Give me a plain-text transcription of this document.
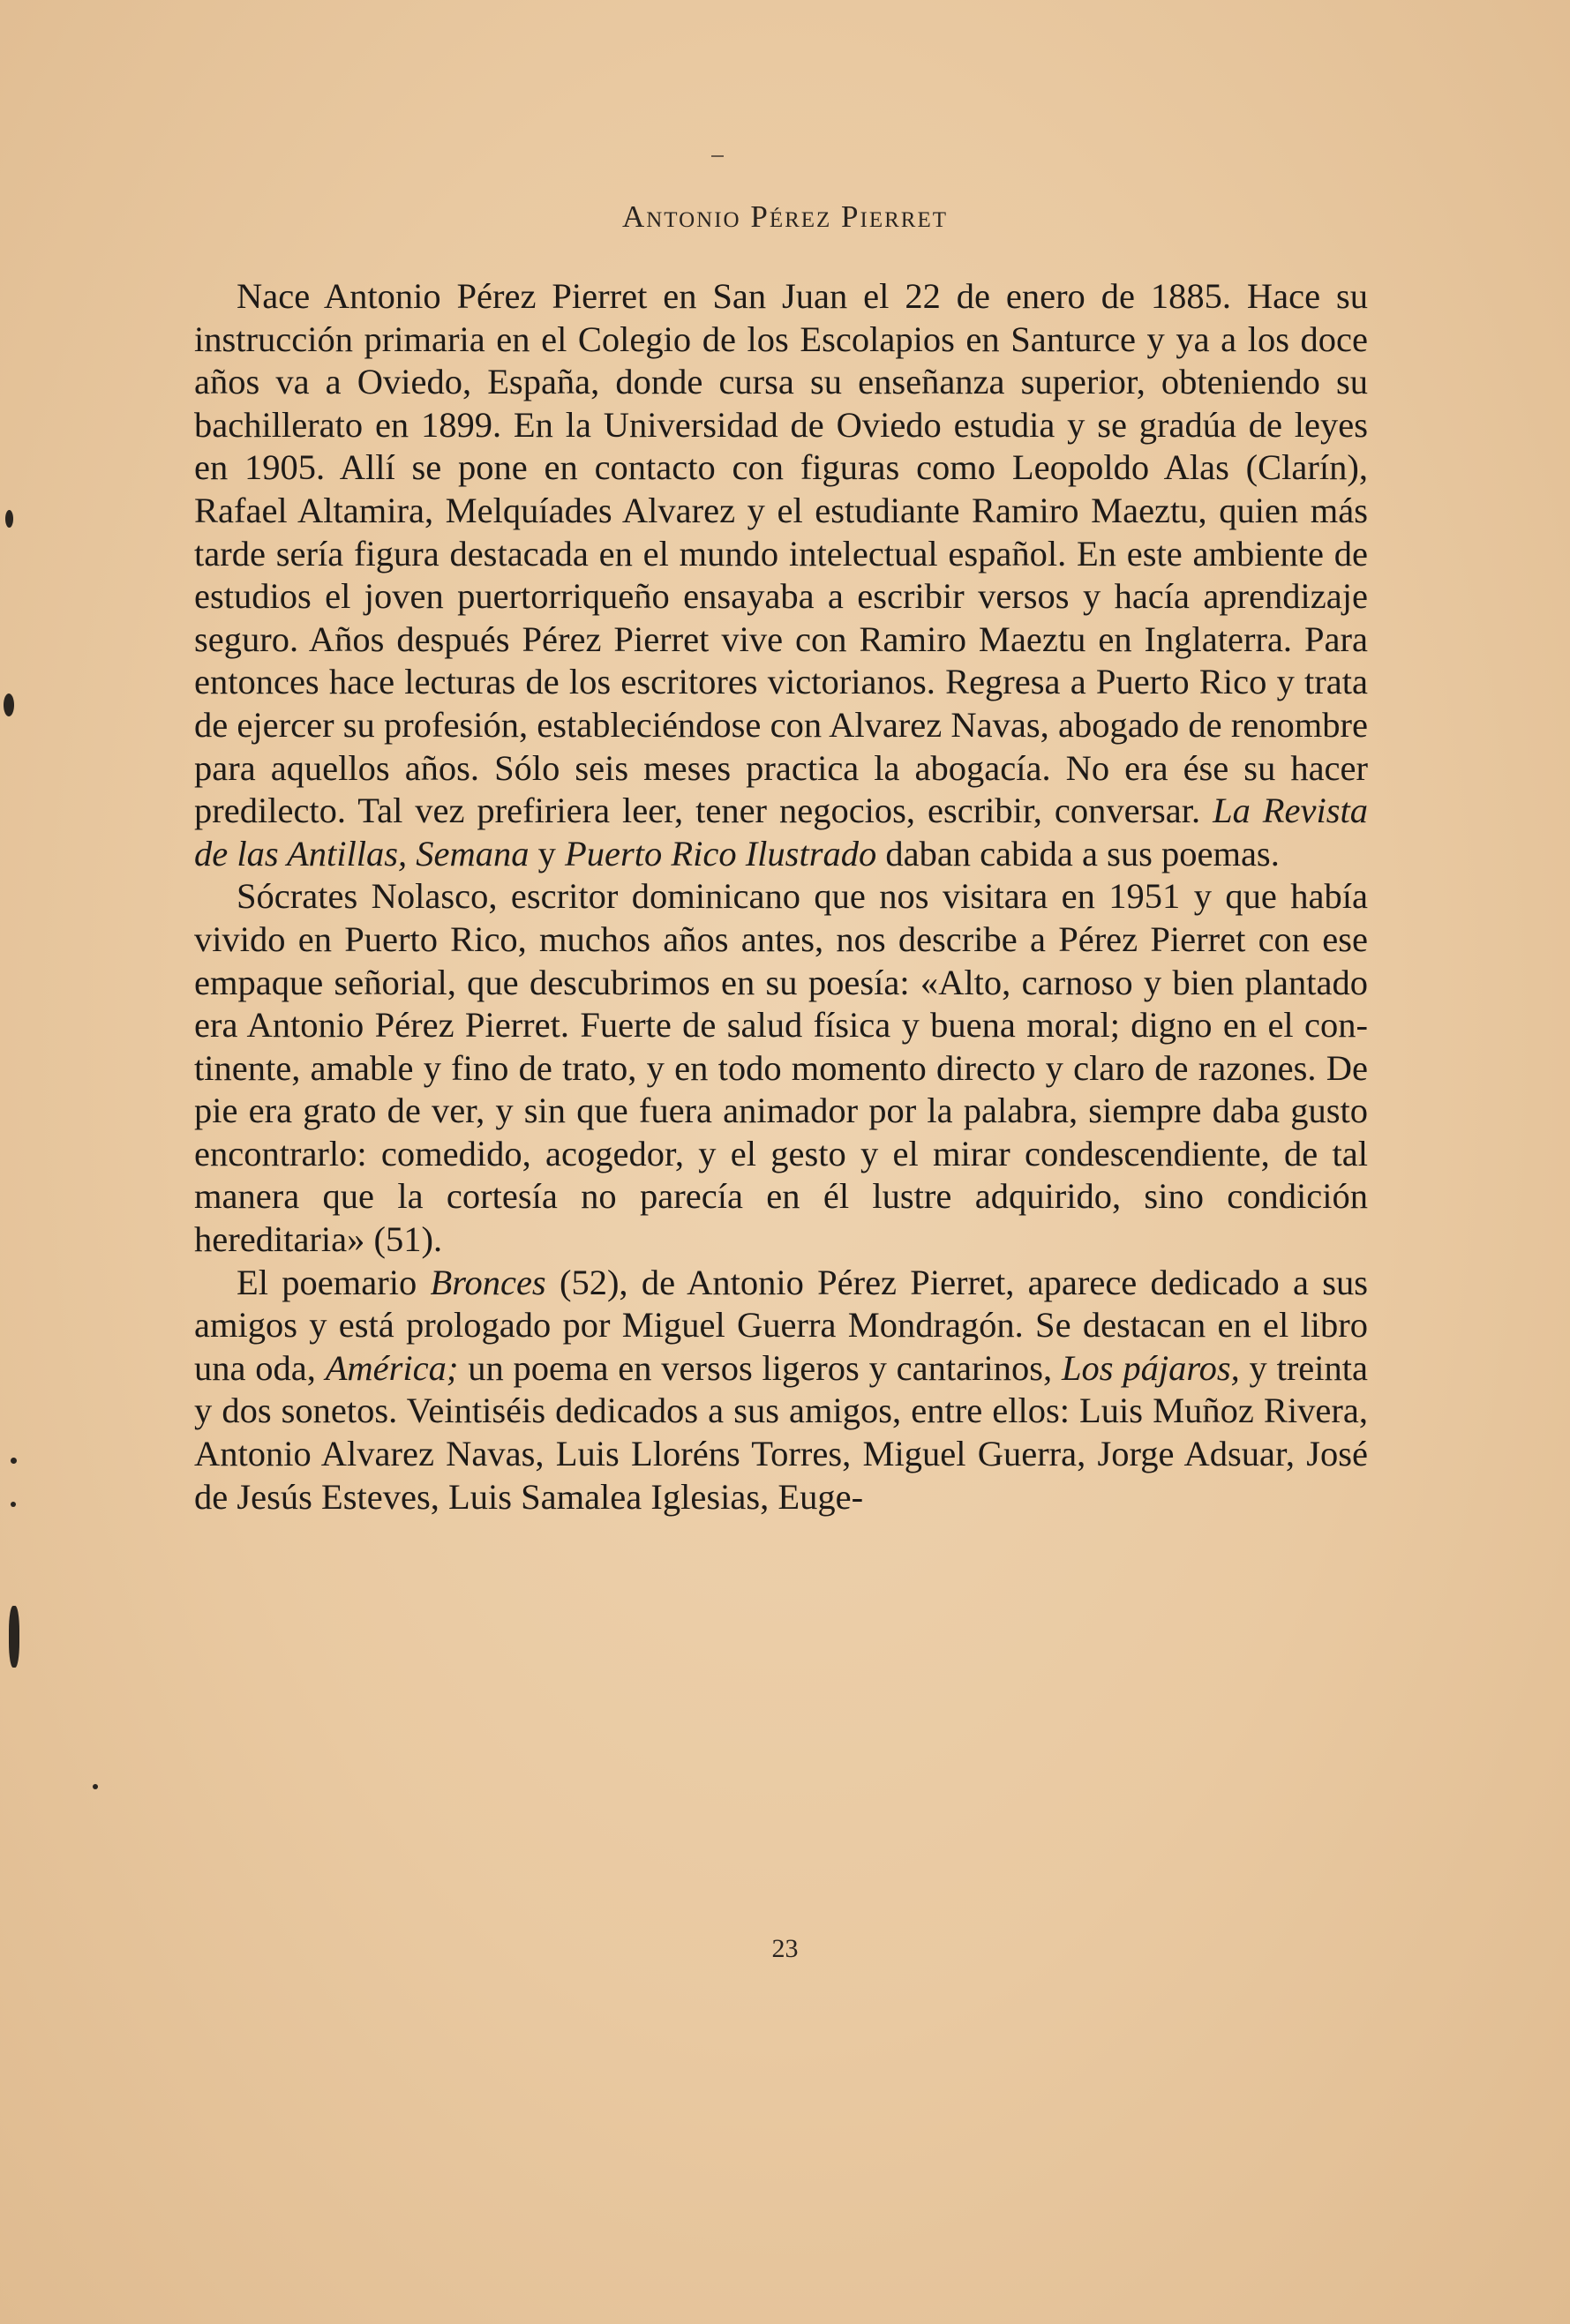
Antonio Pérez Pierret

Nace Antonio Pérez Pierret en San Juan el 22 de enero de 1885. Hace su instrucción primaria en el Colegio de los Escolapios en Santurce y ya a los doce años va a Oviedo, España, donde cursa su enseñanza superior, obteniendo su bachillerato en 1899. En la Universidad de Oviedo estudia y se gradúa de leyes en 1905. Allí se pone en contacto con figuras como Leopoldo Alas (Clarín), Rafael Altamira, Melquíades Alvarez y el estudiante Ramiro Maeztu, quien más tarde sería figura destacada en el mundo intelectual español. En este ambiente de estudios el joven puertorriqueño ensayaba a escribir versos y hacía aprendizaje seguro. Años después Pérez Pierret vive con Ramiro Maeztu en Inglaterra. Para entonces hace lecturas de los escritores victorianos. Regresa a Puerto Rico y trata de ejercer su profesión, estableciéndose con Alvarez Navas, abogado de renombre para aquellos años. Sólo seis meses practica la abogacía. No era ése su hacer predilecto. Tal vez prefiriera leer, tener negocios, escribir, conversar. La Revista de las Antillas, Semana y Puerto Rico Ilustrado daban cabida a sus poemas.

Sócrates Nolasco, escritor dominicano que nos visitara en 1951 y que había vivido en Puerto Rico, muchos años antes, nos describe a Pérez Pierret con ese empaque señorial, que descubrimos en su poesía: «Alto, carnoso y bien plantado era Antonio Pérez Pierret. Fuerte de salud física y buena moral; digno en el continente, amable y fino de trato, y en todo momento directo y claro de razones. De pie era grato de ver, y sin que fuera animador por la palabra, siempre daba gusto encontrarlo: comedido, acogedor, y el gesto y el mirar condescendiente, de tal manera que la cortesía no parecía en él lustre adquirido, sino condición hereditaria» (51).

El poemario Bronces (52), de Antonio Pérez Pierret, aparece dedicado a sus amigos y está prologado por Miguel Guerra Mondragón. Se destacan en el libro una oda, América; un poema en versos ligeros y cantarinos, Los pájaros, y treinta y dos sonetos. Veintiséis dedicados a sus amigos, entre ellos: Luis Muñoz Rivera, Antonio Alvarez Navas, Luis Lloréns Torres, Miguel Guerra, Jorge Adsuar, José de Jesús Esteves, Luis Samalea Iglesias, Euge-

23
